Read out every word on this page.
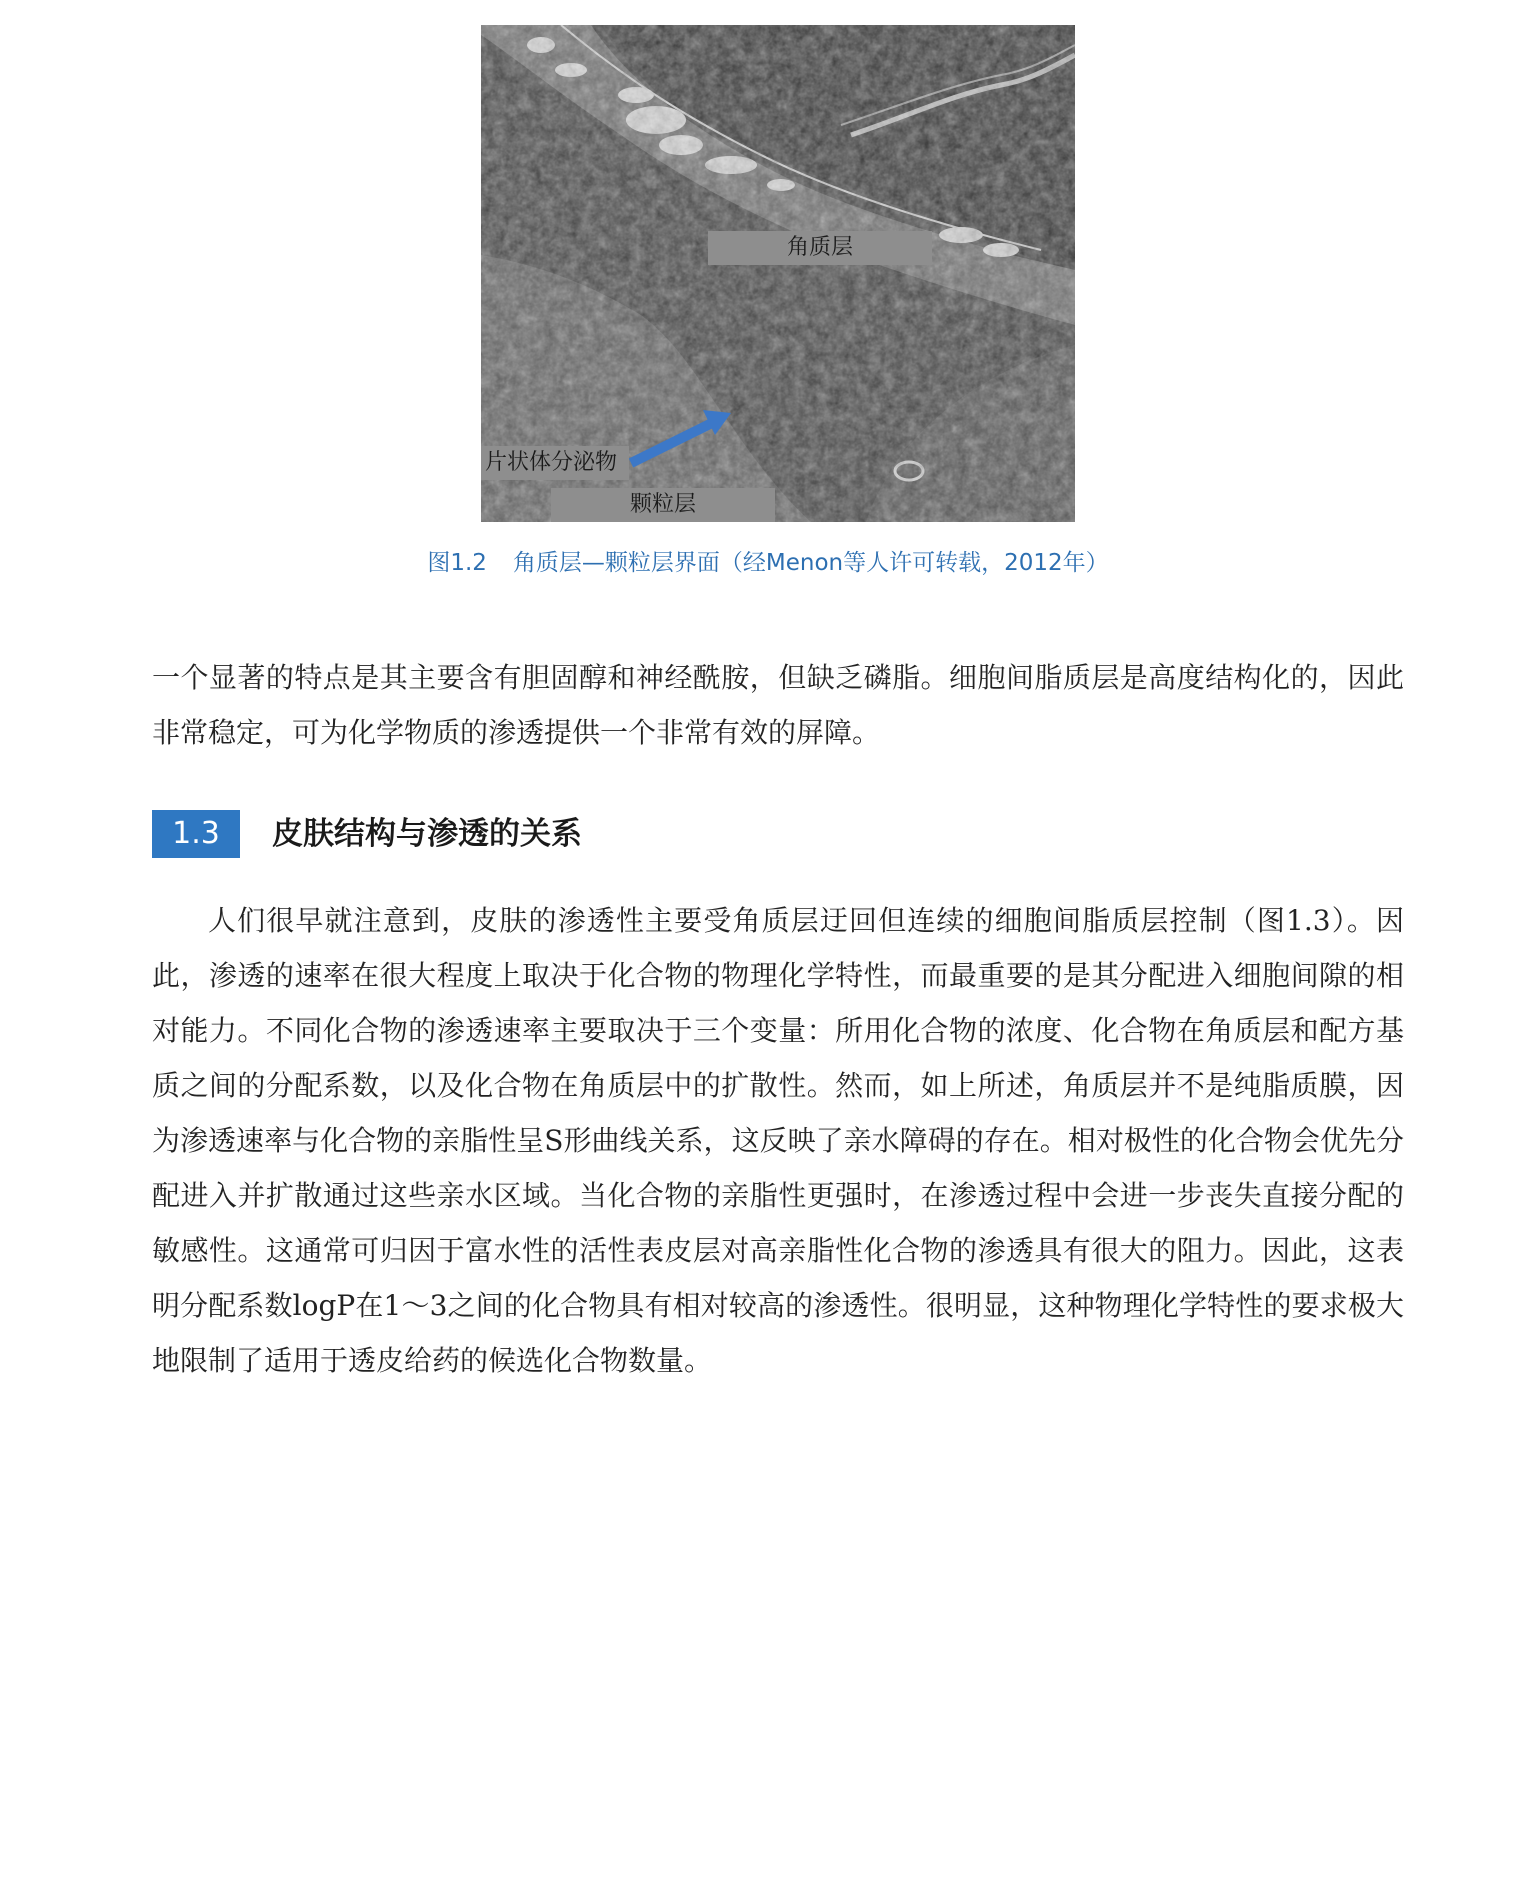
角质层
片状体分泌物
颗粒层
图1.2 角质层—颗粒层界面（经Menon等人许可转载，2012年）

一个显著的特点是其主要含有胆固醇和神经酰胺，但缺乏磷脂。细胞间脂质层是高度结构化的，因此非常稳定，可为化学物质的渗透提供一个非常有效的屏障。

1.3	皮肤结构与渗透的关系

人们很早就注意到，皮肤的渗透性主要受角质层迂回但连续的细胞间脂质层控制（图1.3）。因此，渗透的速率在很大程度上取决于化合物的物理化学特性，而最重要的是其分配进入细胞间隙的相对能力。不同化合物的渗透速率主要取决于三个变量：所用化合物的浓度、化合物在角质层和配方基质之间的分配系数，以及化合物在角质层中的扩散性。然而，如上所述，角质层并不是纯脂质膜，因为渗透速率与化合物的亲脂性呈S形曲线关系，这反映了亲水障碍的存在。相对极性的化合物会优先分配进入并扩散通过这些亲水区域。当化合物的亲脂性更强时，在渗透过程中会进一步丧失直接分配的敏感性。这通常可归因于富水性的活性表皮层对高亲脂性化合物的渗透具有很大的阻力。因此，这表明分配系数logP在1～3之间的化合物具有相对较高的渗透性。很明显，这种物理化学特性的要求极大地限制了适用于透皮给药的候选化合物数量。
